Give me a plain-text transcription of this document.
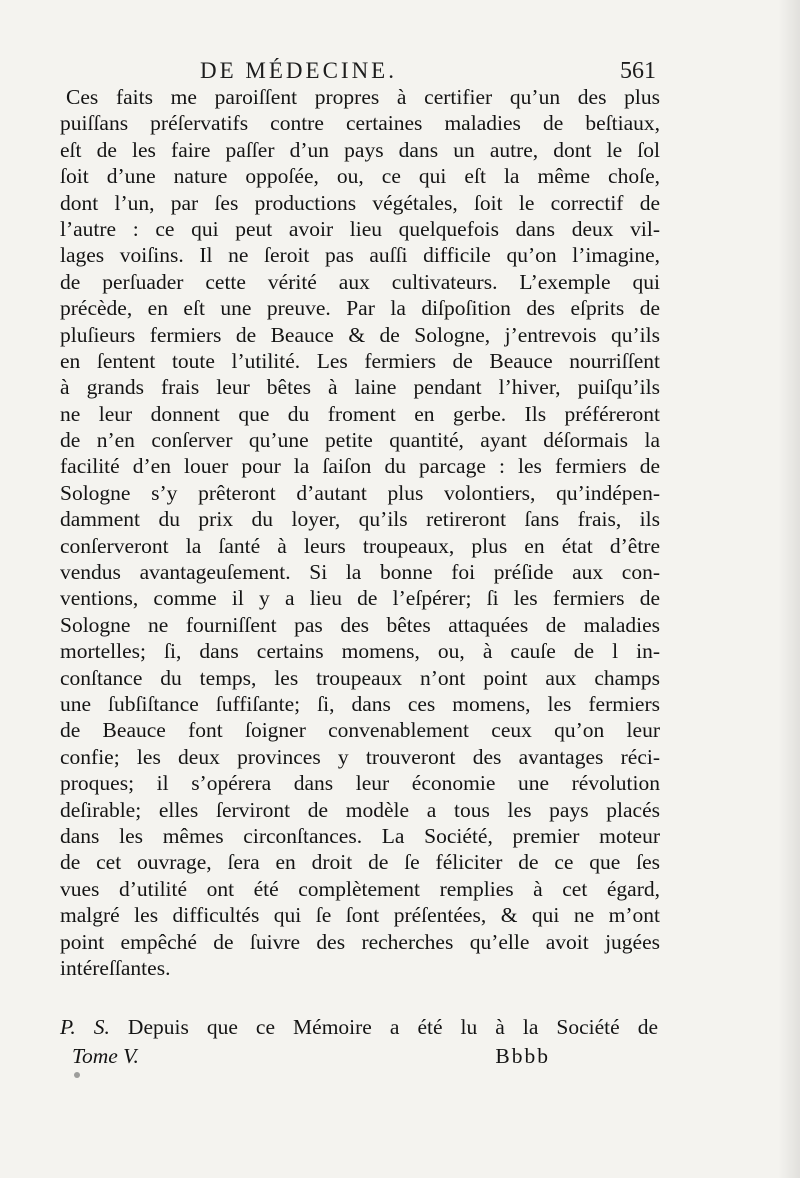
DE MÉDECINE.	561
Ces faits me paroiſſent propres à certifier qu’un des plus
puiſſans préſervatifs contre certaines maladies de beſtiaux,
eſt de les faire paſſer d’un pays dans un autre, dont le ſol
ſoit d’une nature oppoſée, ou, ce qui eſt la même choſe,
dont l’un, par ſes productions végétales, ſoit le correctif de
l’autre : ce qui peut avoir lieu quelquefois dans deux vil-
lages voiſins. Il ne ſeroit pas auſſi difficile qu’on l’imagine,
de perſuader cette vérité aux cultivateurs. L’exemple qui
précède, en eſt une preuve. Par la diſpoſition des eſprits de
pluſieurs fermiers de Beauce & de Sologne, j’entrevois qu’ils
en ſentent toute l’utilité. Les fermiers de Beauce nourriſſent
à grands frais leur bêtes à laine pendant l’hiver, puiſqu’ils
ne leur donnent que du froment en gerbe. Ils préféreront
de n’en conſerver qu’une petite quantité, ayant déſormais la
facilité d’en louer pour la ſaiſon du parcage : les fermiers de
Sologne s’y prêteront d’autant plus volontiers, qu’indépen-
damment du prix du loyer, qu’ils retireront ſans frais, ils
conſerveront la ſanté à leurs troupeaux, plus en état d’être
vendus avantageuſement. Si la bonne foi préſide aux con-
ventions, comme il y a lieu de l’eſpérer; ſi les fermiers de
Sologne ne fourniſſent pas des bêtes attaquées de maladies
mortelles; ſi, dans certains momens, ou, à cauſe de l in-
conſtance du temps, les troupeaux n’ont point aux champs
une ſubſiſtance ſuffiſante; ſi, dans ces momens, les fermiers
de Beauce font ſoigner convenablement ceux qu’on leur
confie; les deux provinces y trouveront des avantages réci-
proques; il s’opérera dans leur économie une révolution
deſirable; elles ſerviront de modèle a tous les pays placés
dans les mêmes circonſtances. La Société, premier moteur
de cet ouvrage, ſera en droit de ſe féliciter de ce que ſes
vues d’utilité ont été complètement remplies à cet égard,
malgré les difficultés qui ſe ſont préſentées, & qui ne m’ont
point empêché de ſuivre des recherches qu’elle avoit jugées
intéreſſantes.
P. S. Depuis que ce Mémoire a été lu à la Société de
Tome V.	Bbbb
